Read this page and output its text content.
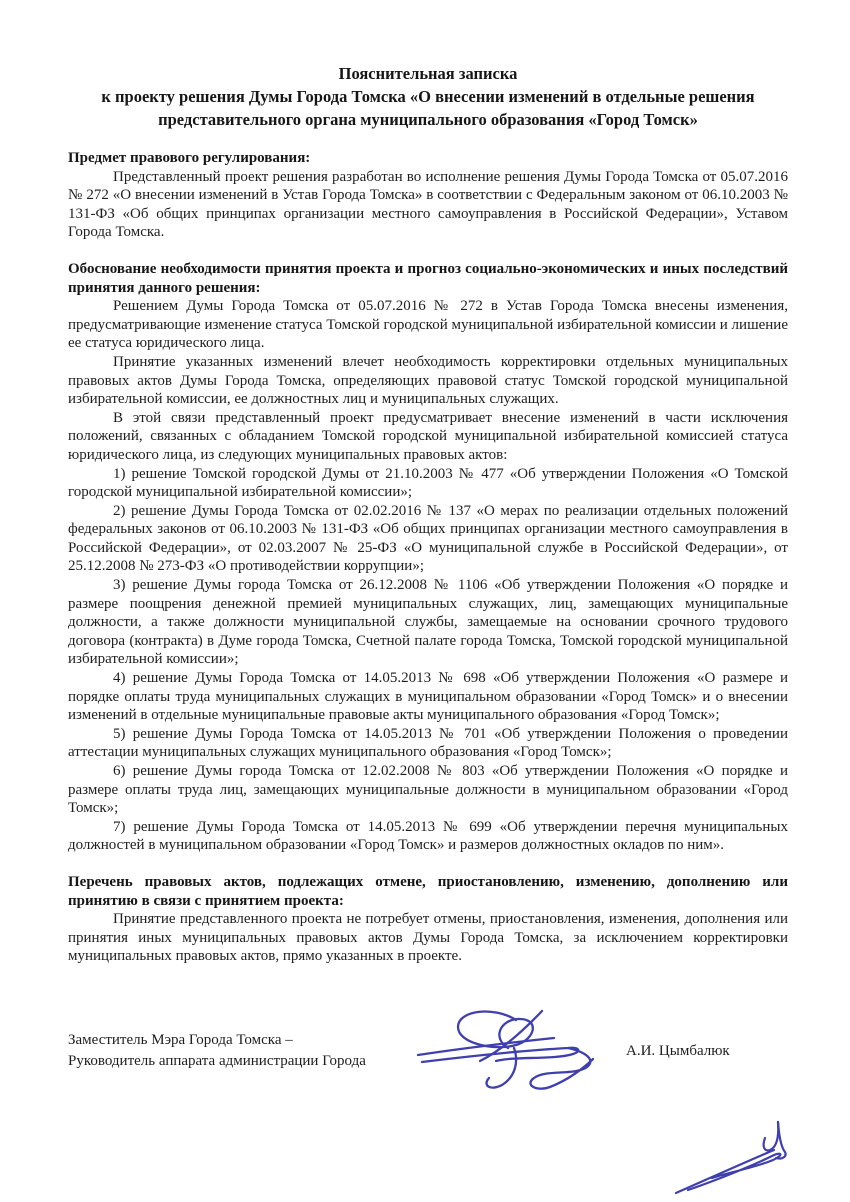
Пояснительная записка
к проекту решения Думы Города Томска «О внесении изменений в отдельные решения
представительного органа муниципального образования «Город Томск»
Предмет правового регулирования:

Представленный проект решения разработан во исполнение решения Думы Города Томска от 05.07.2016 № 272 «О внесении изменений в Устав Города Томска» в соответствии с Федеральным законом от 06.10.2003 № 131-ФЗ «Об общих принципах организации местного самоуправления в Российской Федерации», Уставом Города Томска.

Обоснование необходимости принятия проекта и прогноз социально-экономических и иных последствий принятия данного решения:

Решением Думы Города Томска от 05.07.2016 № 272 в Устав Города Томска внесены изменения, предусматривающие изменение статуса Томской городской муниципальной избирательной комиссии и лишение ее статуса юридического лица.

Принятие указанных изменений влечет необходимость корректировки отдельных муниципальных правовых актов Думы Города Томска, определяющих правовой статус Томской городской муниципальной избирательной комиссии, ее должностных лиц и муниципальных служащих.

В этой связи представленный проект предусматривает внесение изменений в части исключения положений, связанных с обладанием Томской городской муниципальной избирательной комиссией статуса юридического лица, из следующих муниципальных правовых актов:

1) решение Томской городской Думы от 21.10.2003 № 477 «Об утверждении Положения «О Томской городской муниципальной избирательной комиссии»;

2) решение Думы Города Томска от 02.02.2016 № 137 «О мерах по реализации отдельных положений федеральных законов от 06.10.2003 № 131-ФЗ «Об общих принципах организации местного самоуправления в Российской Федерации», от 02.03.2007 № 25-ФЗ «О муниципальной службе в Российской Федерации», от 25.12.2008 № 273-ФЗ «О противодействии коррупции»;

3) решение Думы города Томска от 26.12.2008 № 1106 «Об утверждении Положения «О порядке и размере поощрения денежной премией муниципальных служащих, лиц, замещающих муниципальные должности, а также должности муниципальной службы, замещаемые на основании срочного трудового договора (контракта) в Думе города Томска, Счетной палате города Томска, Томской городской муниципальной избирательной комиссии»;

4) решение Думы Города Томска от 14.05.2013 № 698 «Об утверждении Положения «О размере и порядке оплаты труда муниципальных служащих в муниципальном образовании «Город Томск» и о внесении изменений в отдельные муниципальные правовые акты муниципального образования «Город Томск»;

5) решение Думы Города Томска от 14.05.2013 № 701 «Об утверждении Положения о проведении аттестации муниципальных служащих муниципального образования «Город Томск»;

6) решение Думы города Томска от 12.02.2008 № 803 «Об утверждении Положения «О порядке и размере оплаты труда лиц, замещающих муниципальные должности в муниципальном образовании «Город Томск»;

7) решение Думы Города Томска от 14.05.2013 № 699 «Об утверждении перечня муниципальных должностей в муниципальном образовании «Город Томск» и размеров должностных окладов по ним».

Перечень правовых актов, подлежащих отмене, приостановлению, изменению, дополнению или принятию в связи с принятием проекта:

Принятие представленного проекта не потребует отмены, приостановления, изменения, дополнения или принятия иных муниципальных правовых актов Думы Города Томска, за исключением корректировки муниципальных правовых актов, прямо указанных в проекте.

Заместитель Мэра Города Томска –
Руководитель аппарата администрации Города
А.И. Цымбалюк
